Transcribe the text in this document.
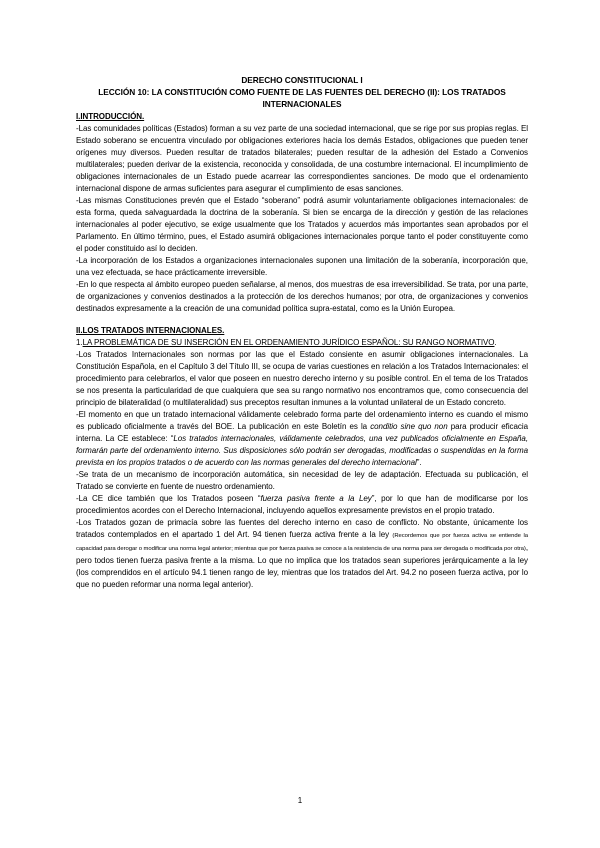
DERECHO CONSTITUCIONAL I
LECCIÓN 10: LA CONSTITUCIÓN COMO FUENTE DE LAS FUENTES DEL DERECHO (II): LOS TRATADOS INTERNACIONALES
I.INTRODUCCIÓN.

-Las comunidades políticas (Estados) forman a su vez parte de una sociedad internacional, que se rige por sus propias reglas. El Estado soberano se encuentra vinculado por obligaciones exteriores hacia los demás Estados, obligaciones que pueden tener orígenes muy diversos. Pueden resultar de tratados bilaterales; pueden resultar de la adhesión del Estado a Convenios multilaterales; pueden derivar de la existencia, reconocida y consolidada, de una costumbre internacional. El incumplimiento de obligaciones internacionales de un Estado puede acarrear las correspondientes sanciones. De modo que el ordenamiento internacional dispone de armas suficientes para asegurar el cumplimiento de esas sanciones.

-Las mismas Constituciones prevén que el Estado “soberano” podrá asumir voluntariamente obligaciones internacionales: de esta forma, queda salvaguardada la doctrina de la soberanía. Si bien se encarga de la dirección y gestión de las relaciones internacionales al poder ejecutivo, se exige usualmente que los Tratados y acuerdos más importantes sean aprobados por el Parlamento. En último término, pues, el Estado asumirá obligaciones internacionales porque tanto el poder constituyente como el poder constituido así lo deciden.

-La incorporación de los Estados a organizaciones internacionales suponen una limitación de la soberanía, incorporación que, una vez efectuada, se hace prácticamente irreversible.

-En lo que respecta al ámbito europeo pueden señalarse, al menos, dos muestras de esa irreversibilidad. Se trata, por una parte, de organizaciones y convenios destinados a la protección de los derechos humanos; por otra, de organizaciones y convenios destinados expresamente a la creación de una comunidad política supra-estatal, como es la Unión Europea.

II.LOS TRATADOS INTERNACIONALES.
1.LA PROBLEMÁTICA DE SU INSERCIÓN EN EL ORDENAMIENTO JURÍDICO ESPAÑOL: SU RANGO NORMATIVO.

-Los Tratados Internacionales son normas por las que el Estado consiente en asumir obligaciones internacionales. La Constitución Española, en el Capítulo 3 del Título III, se ocupa de varias cuestiones en relación a los Tratados Internacionales: el procedimiento para celebrarlos, el valor que poseen en nuestro derecho interno y su posible control. En el tema de los Tratados se nos presenta la particularidad de que cualquiera que sea su rango normativo nos encontramos que, como consecuencia del principio de bilateralidad (o multilateralidad) sus preceptos resultan inmunes a la voluntad unilateral de un Estado concreto.

-El momento en que un tratado internacional válidamente celebrado forma parte del ordenamiento interno es cuando el mismo es publicado oficialmente a través del BOE. La publicación en este Boletín es la conditio sine quo non para producir eficacia interna. La CE establece: “Los tratados internacionales, válidamente celebrados, una vez publicados oficialmente en España, formarán parte del ordenamiento interno. Sus disposiciones sólo podrán ser derogadas, modificadas o suspendidas en la forma prevista en los propios tratados o de acuerdo con las normas generales del derecho internacional”.

-Se trata de un mecanismo de incorporación automática, sin necesidad de ley de adaptación. Efectuada su publicación, el Tratado se convierte en fuente de nuestro ordenamiento.

-La CE dice también que los Tratados poseen “fuerza pasiva frente a la Ley”, por lo que han de modificarse por los procedimientos acordes con el Derecho Internacional, incluyendo aquellos expresamente previstos en el propio tratado.

-Los Tratados gozan de primacía sobre las fuentes del derecho interno en caso de conflicto. No obstante, únicamente los tratados contemplados en el apartado 1 del Art. 94 tienen fuerza activa frente a la ley (Recordemos que por fuerza activa se entiende la capacidad para derogar o modificar una norma legal anterior; mientras que por fuerza pasiva se conoce a la resistencia de una norma para ser derogada o modificada por otra), pero todos tienen fuerza pasiva frente a la misma. Lo que no implica que los tratados sean superiores jerárquicamente a la ley (los comprendidos en el artículo 94.1 tienen rango de ley, mientras que los tratados del Art. 94.2 no poseen fuerza activa, por lo que no pueden reformar una norma legal anterior).

1
